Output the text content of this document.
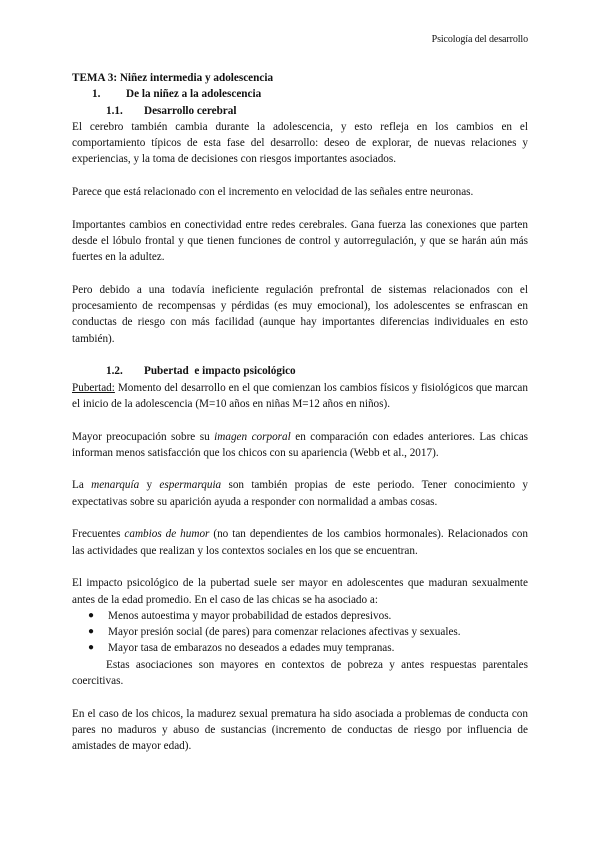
Psicología del desarrollo

TEMA 3: Niñez intermedia y adolescencia

1.	De la niñez a la adolescencia
1.1.	Desarrollo cerebral

El cerebro también cambia durante la adolescencia, y esto refleja en los cambios en el comportamiento típicos de esta fase del desarrollo: deseo de explorar, de nuevas relaciones y experiencias, y la toma de decisiones con riesgos importantes asociados.

Parece que está relacionado con el incremento en velocidad de las señales entre neuronas.

Importantes cambios en conectividad entre redes cerebrales. Gana fuerza las conexiones que parten desde el lóbulo frontal y que tienen funciones de control y autorregulación, y que se harán aún más fuertes en la adultez.

Pero debido a una todavía ineficiente regulación prefrontal de sistemas relacionados con el procesamiento de recompensas y pérdidas (es muy emocional), los adolescentes se enfrascan en conductas de riesgo con más facilidad (aunque hay importantes diferencias individuales en esto también).

1.2.	Pubertad  e impacto psicológico

Pubertad: Momento del desarrollo en el que comienzan los cambios físicos y fisiológicos que marcan el inicio de la adolescencia (M=10 años en niñas M=12 años en niños).

Mayor preocupación sobre su imagen corporal en comparación con edades anteriores. Las chicas informan menos satisfacción que los chicos con su apariencia (Webb et al., 2017).

La menarquía y espermarquia son también propias de este periodo. Tener conocimiento y expectativas sobre su aparición ayuda a responder con normalidad a ambas cosas.

Frecuentes cambios de humor (no tan dependientes de los cambios hormonales). Relacionados con las actividades que realizan y los contextos sociales en los que se encuentran.

El impacto psicológico de la pubertad suele ser mayor en adolescentes que maduran sexualmente antes de la edad promedio. En el caso de las chicas se ha asociado a:

●	Menos autoestima y mayor probabilidad de estados depresivos.
●	Mayor presión social (de pares) para comenzar relaciones afectivas y sexuales.
●	Mayor tasa de embarazos no deseados a edades muy tempranas.

Estas asociaciones son mayores en contextos de pobreza y antes respuestas parentales coercitivas.

En el caso de los chicos, la madurez sexual prematura ha sido asociada a problemas de conducta con pares no maduros y abuso de sustancias (incremento de conductas de riesgo por influencia de amistades de mayor edad).
